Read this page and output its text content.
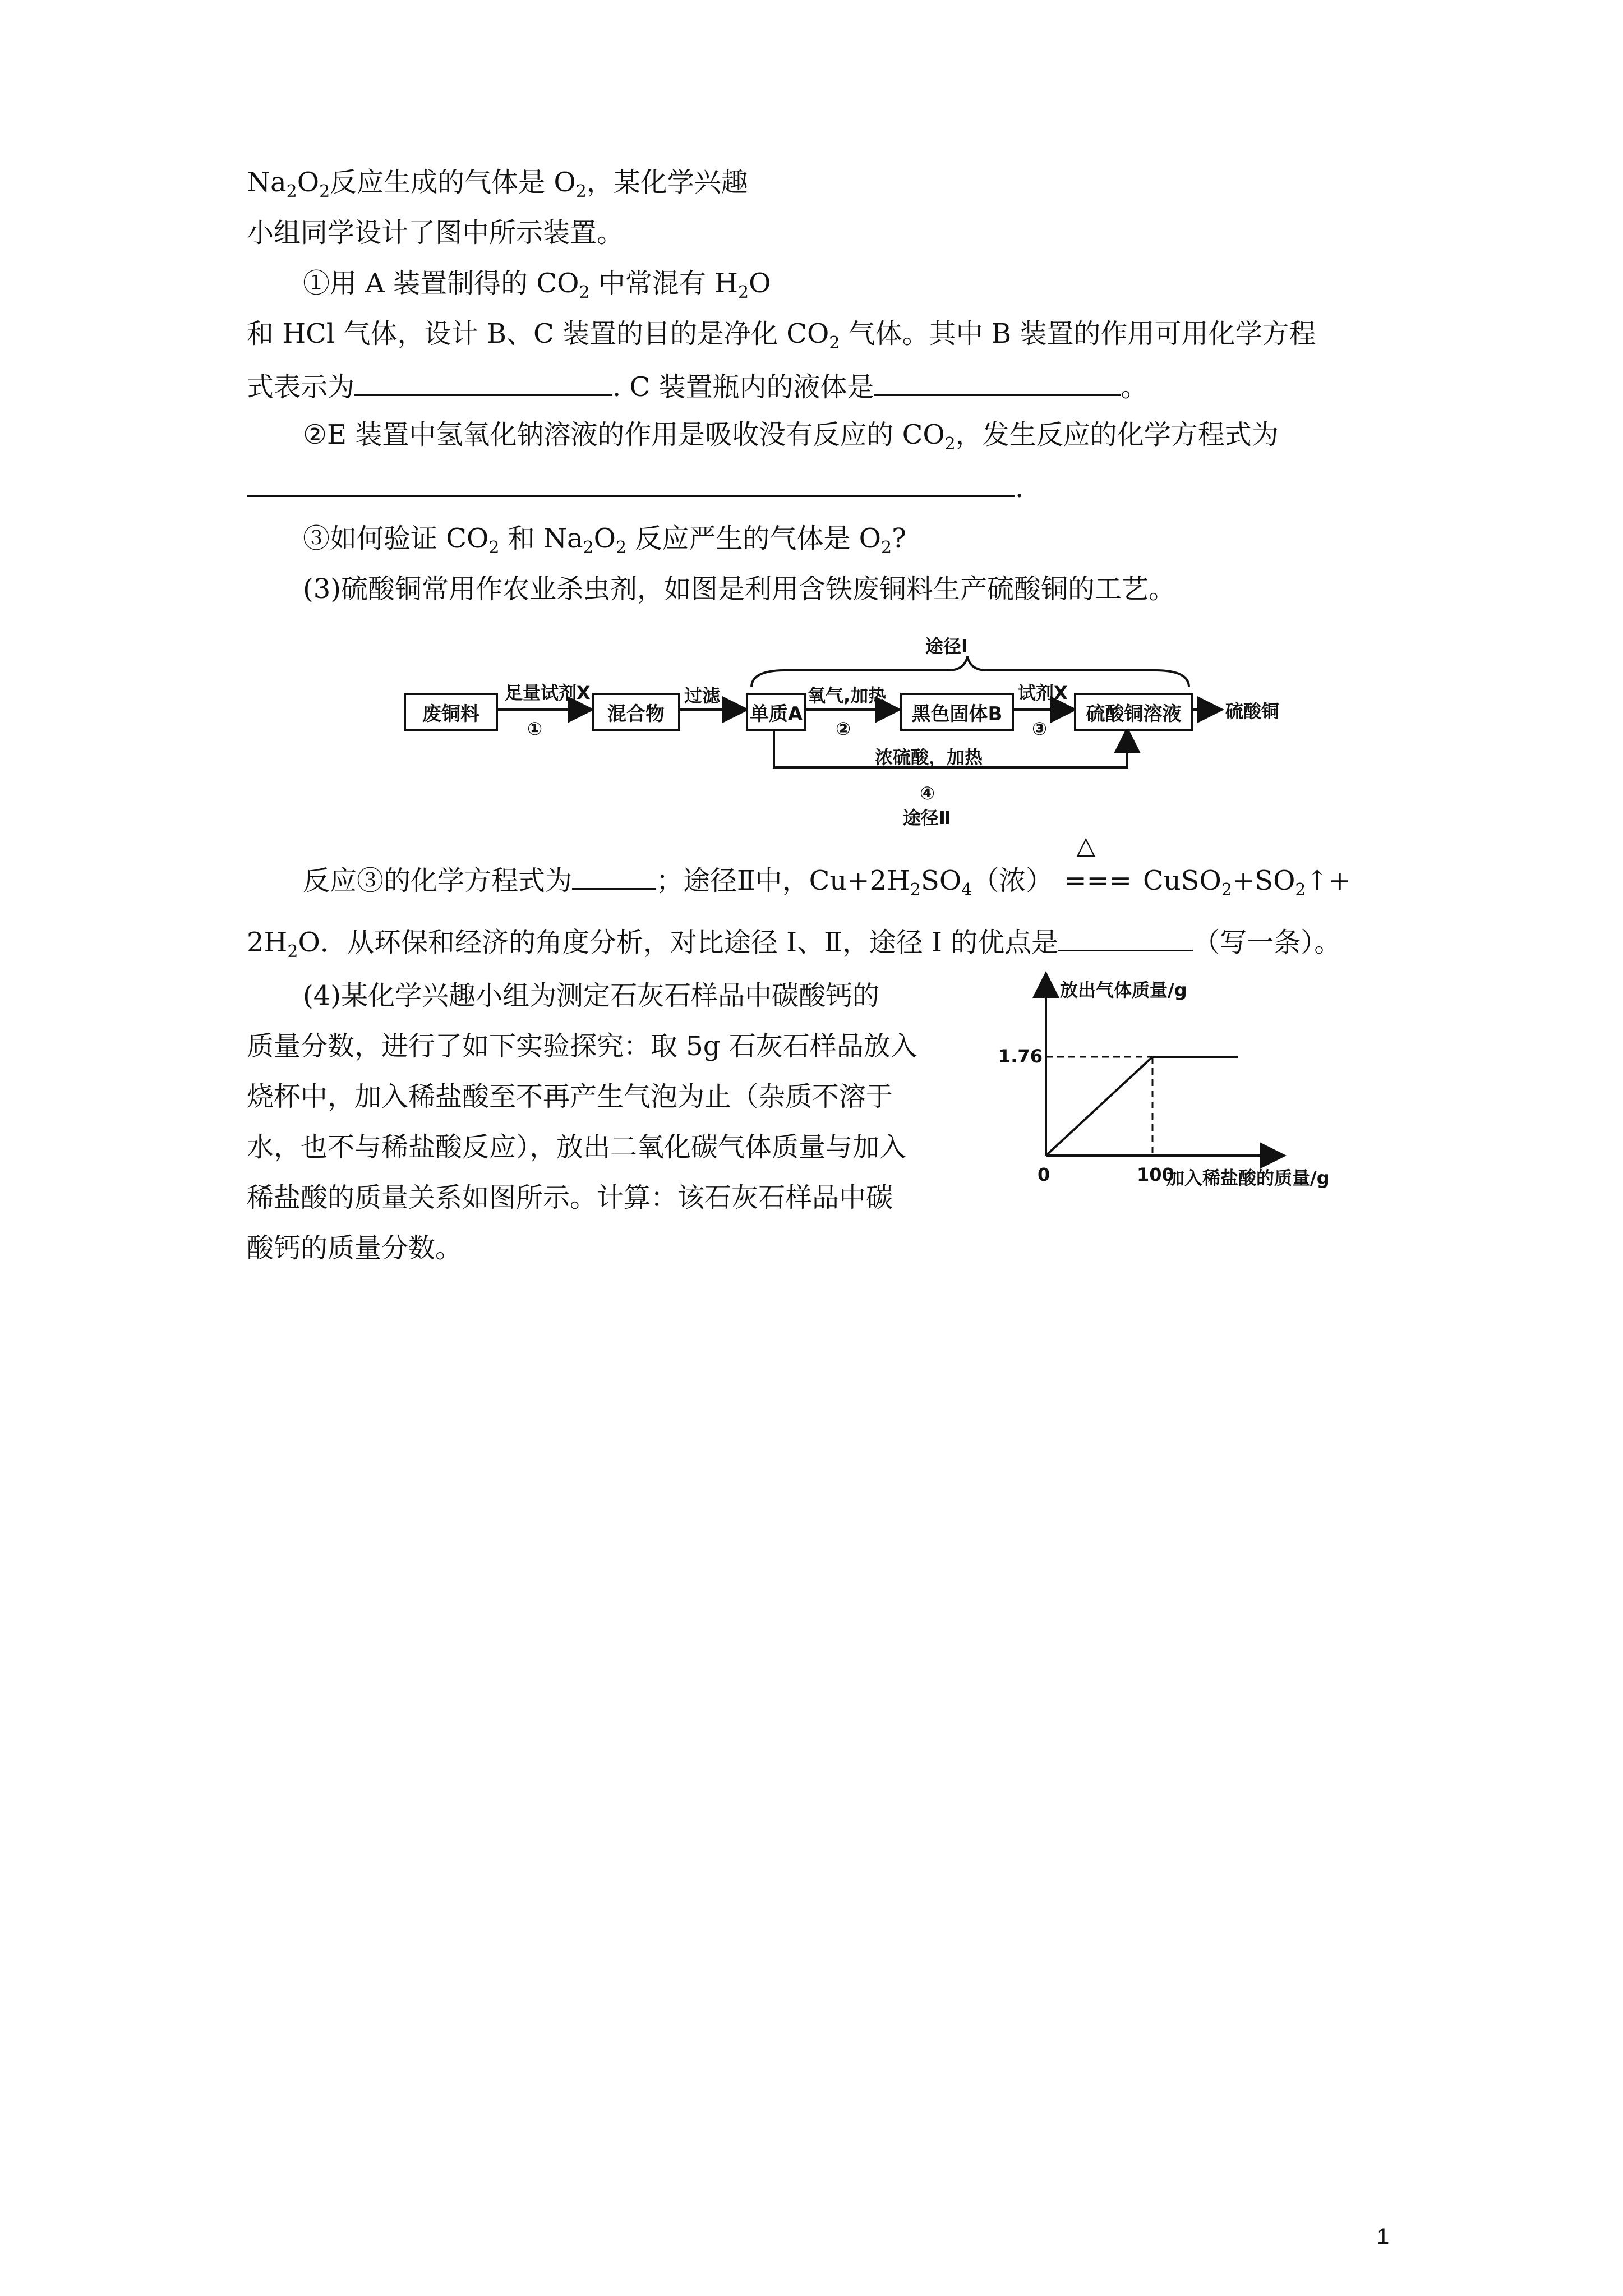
$Na_2O_2$反应生成的气体是 $O_2$，某化学兴趣
小组同学设计了图中所示装置。
①用 A 装置制得的 $CO_2$ 中常混有 $H_2O$
和 HCl 气体，设计 B、C 装置的目的是净化 $CO_2$ 气体。其中 B 装置的作用可用化学方程
式表示为	. C 装置瓶内的液体是	。
②E 装置中氢氧化钠溶液的作用是吸收没有反应的 $CO_2$，发生反应的化学方程式为
.
③如何验证 $CO_2$ 和 $Na_2O_2$ 反应严生的气体是 $O_2$?
(3)硫酸铜常用作农业杀虫剂，如图是利用含铁废铜料生产硫酸铜的工艺。
废铜料	混合物	单质A	黑色固体B	硫酸铜溶液	硫酸铜
足量试剂X
①
过滤	氧气,加热
②
试剂X
③
途径Ⅰ
浓硫酸，加热
④
途径Ⅱ
反应③的化学方程式为	；途径Ⅱ中，$Cu+2H_2SO_4$（浓）
△
=== $CuSO_2+SO_2↑+$
$2H_2O$．从环保和经济的角度分析，对比途径 I、Ⅱ，途径 I 的优点是	（写一条）。
(4)某化学兴趣小组为测定石灰石样品中碳酸钙的
质量分数，进行了如下实验探究：取 5g 石灰石样品放入
烧杯中，加入稀盐酸至不再产生气泡为止（杂质不溶于
水，也不与稀盐酸反应），放出二氧化碳气体质量与加入
稀盐酸的质量关系如图所示。计算：该石灰石样品中碳
酸钙的质量分数。
放出气体质量/g
加入稀盐酸的质量/g
0	100
1.76
1
